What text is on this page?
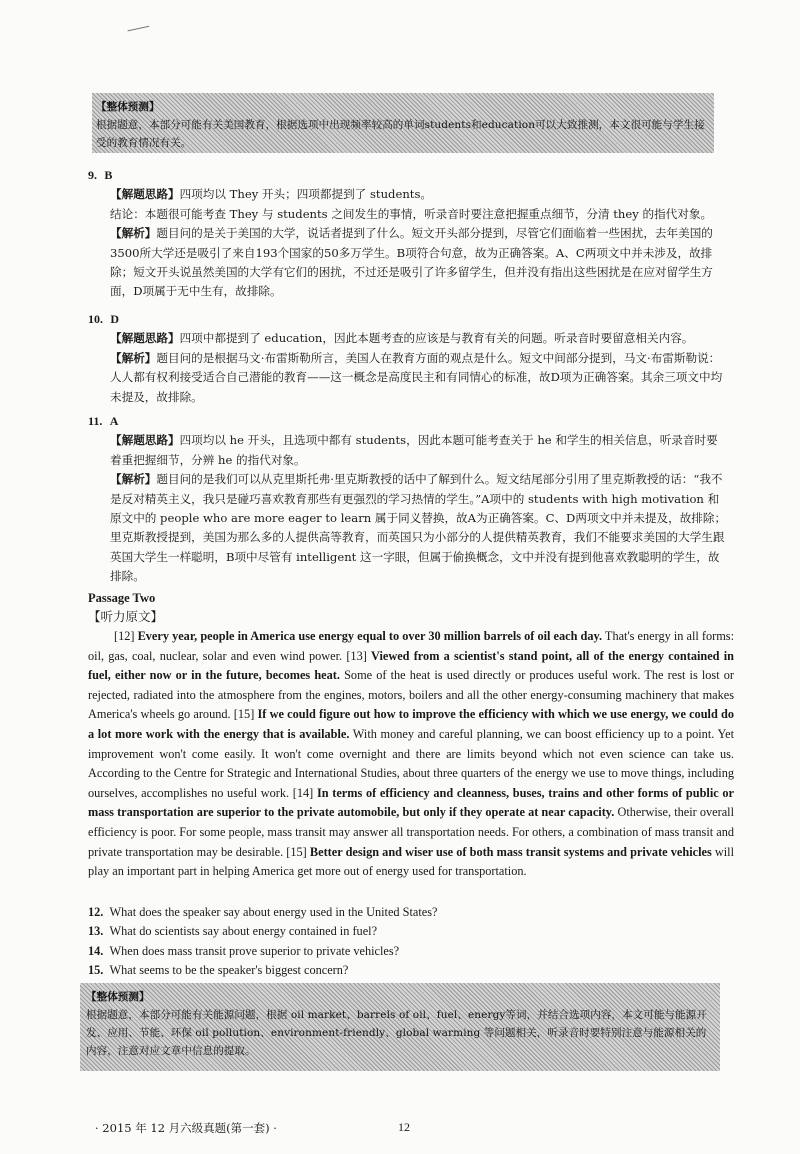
【整体预测】
根据题意，本部分可能有关美国教育，根据选项中出现频率较高的单词students和education可以大致推测，本文很可能与学生接受的教育情况有关。
9. B
【解题思路】四项均以 They 开头；四项都提到了 students。
结论：本题很可能考查 They 与 students 之间发生的事情，听录音时要注意把握重点细节，分清 they 的指代对象。
【解析】题目问的是关于美国的大学，说话者提到了什么。短文开头部分提到，尽管它们面临着一些困扰，去年美国的3500所大学还是吸引了来自193个国家的50多万学生。B项符合句意，故为正确答案。A、C两项文中并未涉及，故排除；短文开头说虽然美国的大学有它们的困扰，不过还是吸引了许多留学生，但并没有指出这些困扰是在应对留学生方面，D项属于无中生有，故排除。
10. D
【解题思路】四项中都提到了 education，因此本题考查的应该是与教育有关的问题。听录音时要留意相关内容。
【解析】题目问的是根据马文·布雷斯勒所言，美国人在教育方面的观点是什么。短文中间部分提到，马文·布雷斯勒说：人人都有权利接受适合自己潜能的教育——这一概念是高度民主和有同情心的标准，故D项为正确答案。其余三项文中均未提及，故排除。
11. A
【解题思路】四项均以 he 开头，且选项中都有 students，因此本题可能考查关于 he 和学生的相关信息，听录音时要着重把握细节，分辨 he 的指代对象。
【解析】题目问的是我们可以从克里斯托弗·里克斯教授的话中了解到什么。短文结尾部分引用了里克斯教授的话：“我不是反对精英主义，我只是碰巧喜欢教育那些有更强烈的学习热情的学生。”A项中的 students with high motivation 和原文中的 people who are more eager to learn 属于同义替换，故A为正确答案。C、D两项文中并未提及，故排除；里克斯教授提到，美国为那么多的人提供高等教育，而英国只为小部分的人提供精英教育，我们不能要求美国的大学生跟英国大学生一样聪明，B项中尽管有 intelligent 这一字眼，但属于偷换概念，文中并没有提到他喜欢教聪明的学生，故排除。
Passage Two
【听力原文】
[12] Every year, people in America use energy equal to over 30 million barrels of oil each day. That's energy in all forms: oil, gas, coal, nuclear, solar and even wind power. [13] Viewed from a scientist's stand point, all of the energy contained in fuel, either now or in the future, becomes heat. Some of the heat is used directly or produces useful work. The rest is lost or rejected, radiated into the atmosphere from the engines, motors, boilers and all the other energy-consuming machinery that makes America's wheels go around. [15] If we could figure out how to improve the efficiency with which we use energy, we could do a lot more work with the energy that is available. With money and careful planning, we can boost efficiency up to a point. Yet improvement won't come easily. It won't come overnight and there are limits beyond which not even science can take us. According to the Centre for Strategic and International Studies, about three quarters of the energy we use to move things, including ourselves, accomplishes no useful work. [14] In terms of efficiency and cleanness, buses, trains and other forms of public or mass transportation are superior to the private automobile, but only if they operate at near capacity. Otherwise, their overall efficiency is poor. For some people, mass transit may answer all transportation needs. For others, a combination of mass transit and private transportation may be desirable. [15] Better design and wiser use of both mass transit systems and private vehicles will play an important part in helping America get more out of energy used for transportation.
12. What does the speaker say about energy used in the United States?
13. What do scientists say about energy contained in fuel?
14. When does mass transit prove superior to private vehicles?
15. What seems to be the speaker's biggest concern?
【整体预测】
根据题意，本部分可能有关能源问题，根据 oil market、barrels of oil、fuel、energy等词，并结合选项内容，本文可能与能源开发、应用、节能、环保 oil pollution、environment-friendly、global warming 等问题相关，听录音时要特别注意与能源相关的内容，注意对应文章中信息的提取。
· 2015 年 12 月六级真题(第一套) ·	12
